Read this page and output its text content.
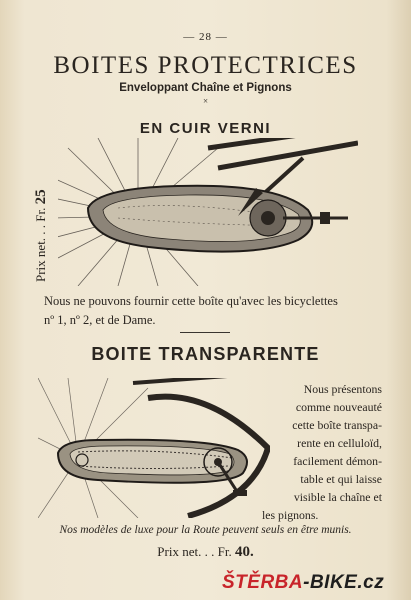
— 28 —
BOITES PROTECTRICES
Enveloppant Chaîne et Pignons
×
EN CUIR VERNI
Prix net. . . Fr. 25
Nous ne pouvons fournir cette boîte qu'avec les bicyclettes
nº 1, nº 2, et de Dame.
BOITE TRANSPARENTE
Nous présentons
comme nouveauté
cette boîte transpa-
rente en celluloïd,
facilement démon-
table et qui laisse
visible la chaîne et
les pignons.
Nos modèles de luxe pour la Route peuvent seuls en être munis.
Prix net. . . Fr. 40.
ŠTĚRBA-BIKE.cz
